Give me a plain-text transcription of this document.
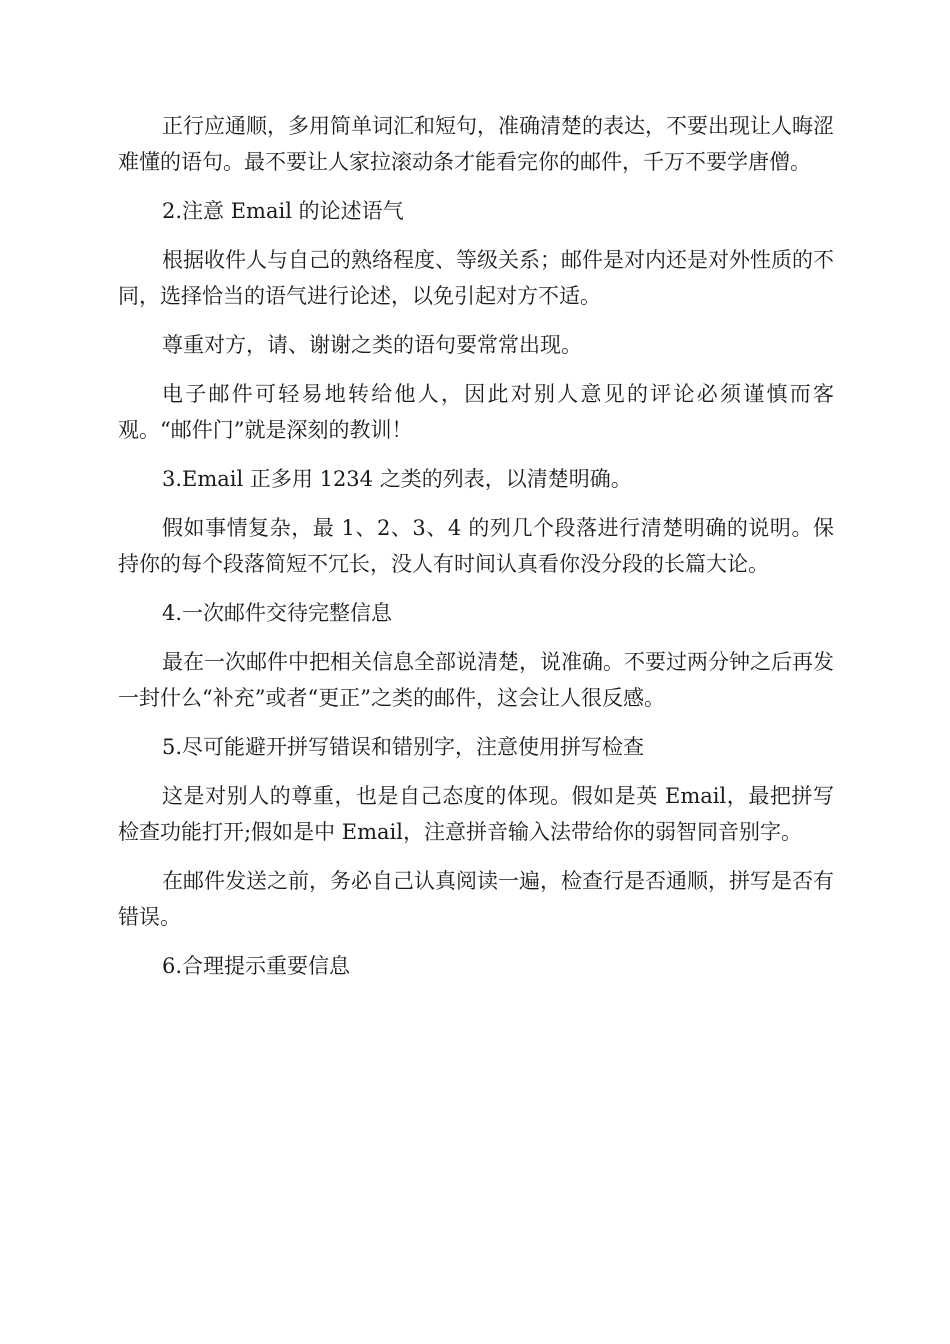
正行应通顺，多用简单词汇和短句，准确清楚的表达，不要出现让人晦涩难懂的语句。最不要让人家拉滚动条才能看完你的邮件，千万不要学唐僧。

2.注意 Email 的论述语气

根据收件人与自己的熟络程度、等级关系；邮件是对内还是对外性质的不同，选择恰当的语气进行论述，以免引起对方不适。

尊重对方，请、谢谢之类的语句要常常出现。

电子邮件可轻易地转给他人，因此对别人意见的评论必须谨慎而客观。“邮件门”就是深刻的教训！

3.Email 正多用 1234 之类的列表，以清楚明确。

假如事情复杂，最 1、2、3、4 的列几个段落进行清楚明确的说明。保持你的每个段落简短不冗长，没人有时间认真看你没分段的长篇大论。

4.一次邮件交待完整信息

最在一次邮件中把相关信息全部说清楚，说准确。不要过两分钟之后再发一封什么“补充”或者“更正”之类的邮件，这会让人很反感。

5.尽可能避开拼写错误和错别字，注意使用拼写检查

这是对别人的尊重，也是自己态度的体现。假如是英 Email，最把拼写检查功能打开;假如是中 Email，注意拼音输入法带给你的弱智同音别字。

在邮件发送之前，务必自己认真阅读一遍，检查行是否通顺，拼写是否有错误。

6.合理提示重要信息
